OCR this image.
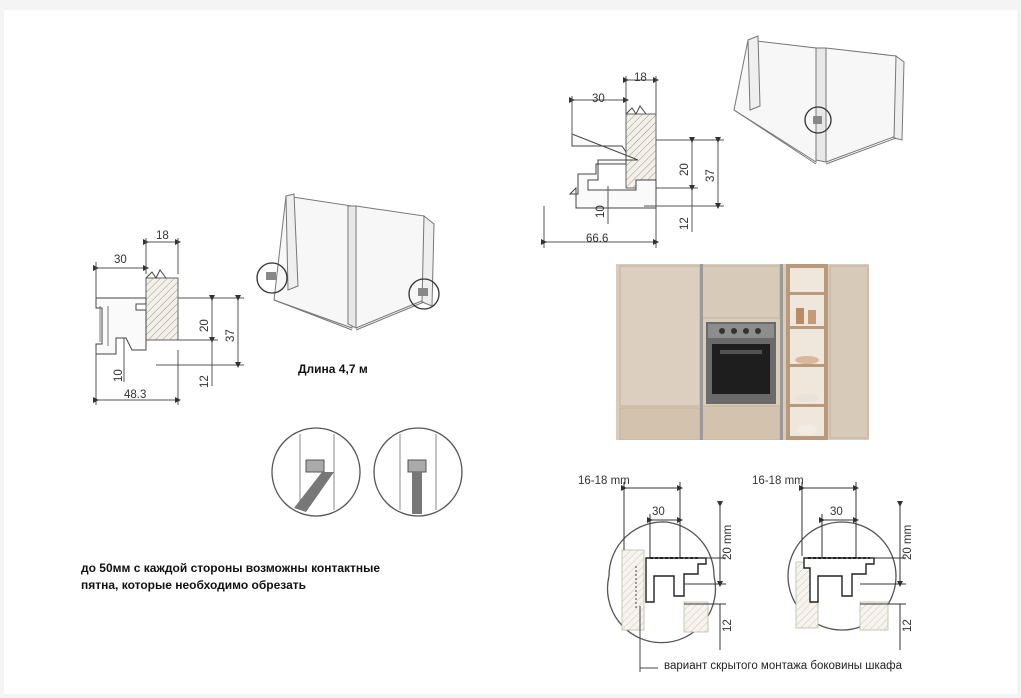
30
18
20
37
10	12
48.3
30
18
20 37
10
12
66.6
16-18 mm
30
20 mm
12
16-18 mm
30
20 mm
12
Длина 4,7 м
до 50мм с каждой стороны возможны контактные
пятна, которые необходимо обрезать
вариант скрытого монтажа боковины шкафа
